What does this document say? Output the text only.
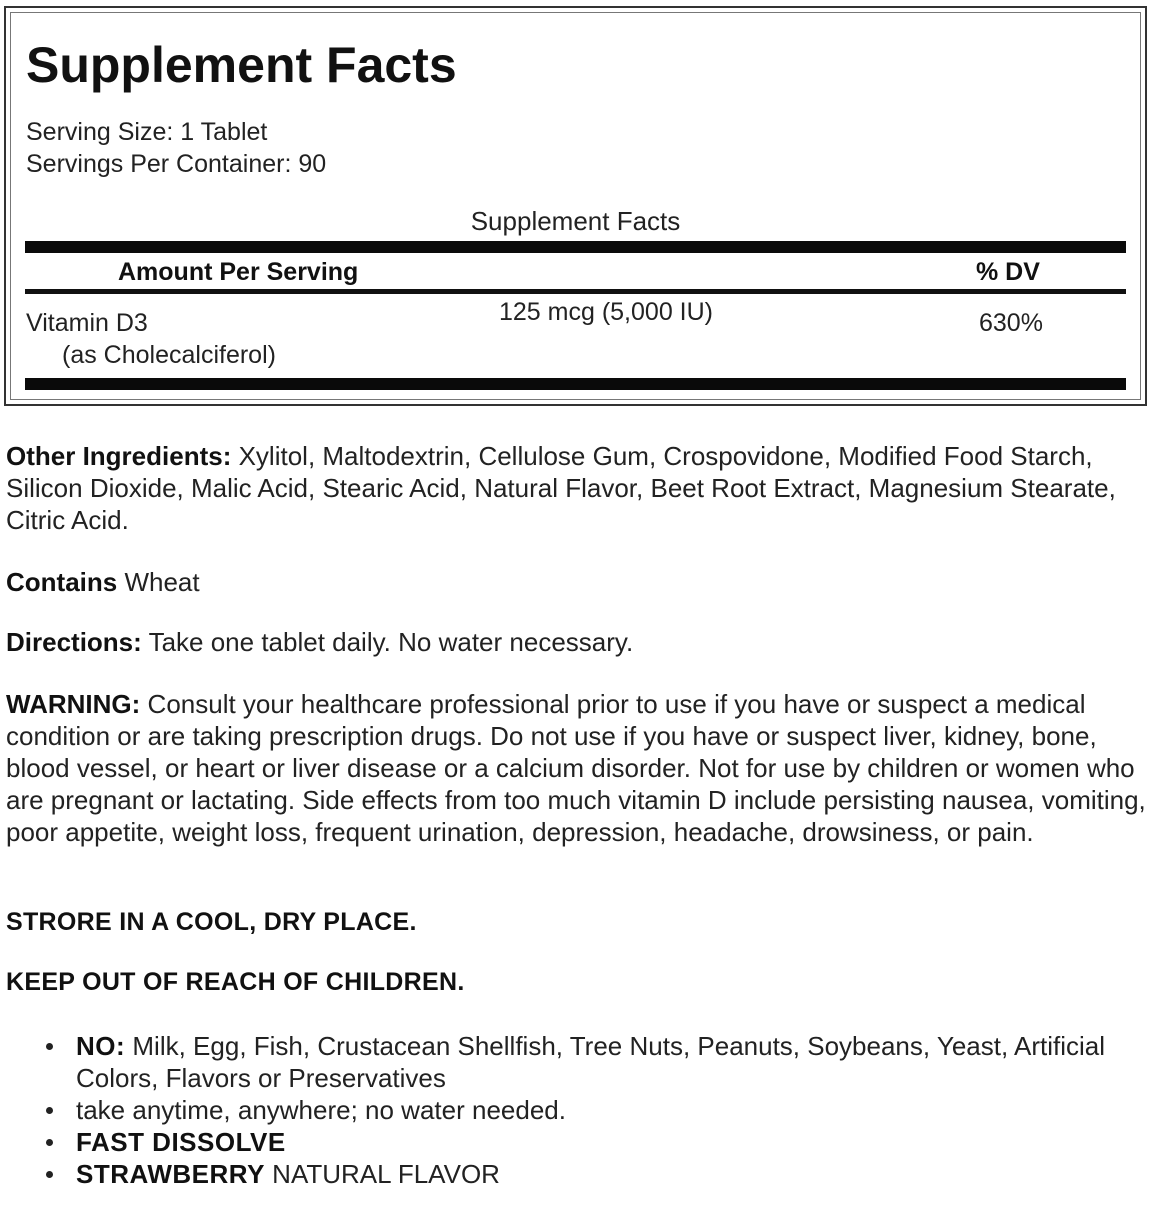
Supplement Facts
Serving Size: 1 Tablet
Servings Per Container: 90
Supplement Facts
Amount Per Serving	% DV
Vitamin D3
(as Cholecalciferol)
125 mcg (5,000 IU)	630%
Other Ingredients: Xylitol, Maltodextrin, Cellulose Gum, Crospovidone, Modified Food Starch, Silicon Dioxide, Malic Acid, Stearic Acid, Natural Flavor, Beet Root Extract, Magnesium Stearate, Citric Acid.
Contains Wheat
Directions: Take one tablet daily. No water necessary.
WARNING: Consult your healthcare professional prior to use if you have or suspect a medical condition or are taking prescription drugs. Do not use if you have or suspect liver, kidney, bone, blood vessel, or heart or liver disease or a calcium disorder. Not for use by children or women who are pregnant or lactating. Side effects from too much vitamin D include persisting nausea, vomiting, poor appetite, weight loss, frequent urination, depression, headache, drowsiness, or pain.
STRORE IN A COOL, DRY PLACE.
KEEP OUT OF REACH OF CHILDREN.
NO: Milk, Egg, Fish, Crustacean Shellfish, Tree Nuts, Peanuts, Soybeans, Yeast, Artificial Colors, Flavors or Preservatives
take anytime, anywhere; no water needed.
FAST DISSOLVE
STRAWBERRY NATURAL FLAVOR
